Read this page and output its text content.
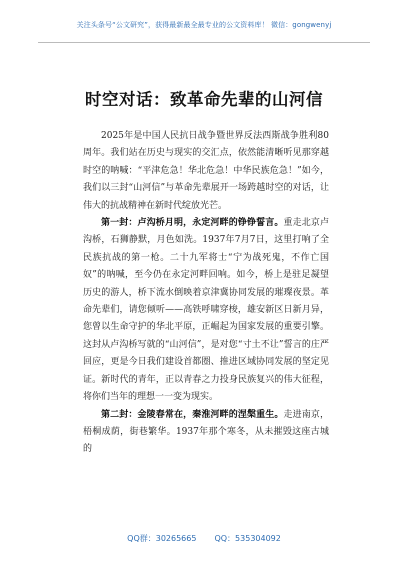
关注头条号“公文研究”，获得最新最全最专业的公文资料库！ 微信：gongwenyj
时空对话：致革命先辈的山河信

2025年是中国人民抗日战争暨世界反法西斯战争胜利80周年。我们站在历史与现实的交汇点，依然能清晰听见那穿越时空的呐喊：“平津危急！华北危急！中华民族危急！”如今，我们以三封“山河信”与革命先辈展开一场跨越时空的对话，让伟大的抗战精神在新时代绽放光芒。

第一封：卢沟桥月明，永定河畔的铮铮誓言。重走北京卢沟桥，石狮静默，月色如洗。1937年7月7日，这里打响了全民族抗战的第一枪。二十九军将士“宁为战死鬼，不作亡国奴”的呐喊，至今仍在永定河畔回响。如今，桥上是驻足凝望历史的游人，桥下流水倒映着京津冀协同发展的璀璨夜景。革命先辈们，请您倾听——高铁呼啸穿梭，雄安新区日新月异，您曾以生命守护的华北平原，正崛起为国家发展的重要引擎。这封从卢沟桥写就的“山河信”，是对您“寸土不让”誓言的庄严回应，更是今日我们建设首都圈、推进区域协同发展的坚定见证。新时代的青年，正以青春之力投身民族复兴的伟大征程，将你们当年的理想一一变为现实。

第二封：金陵春常在，秦淮河畔的涅槃重生。走进南京，梧桐成荫，街巷繁华。1937年那个寒冬，从未摧毁这座古城的

QQ群：30265665 QQ：535304092
